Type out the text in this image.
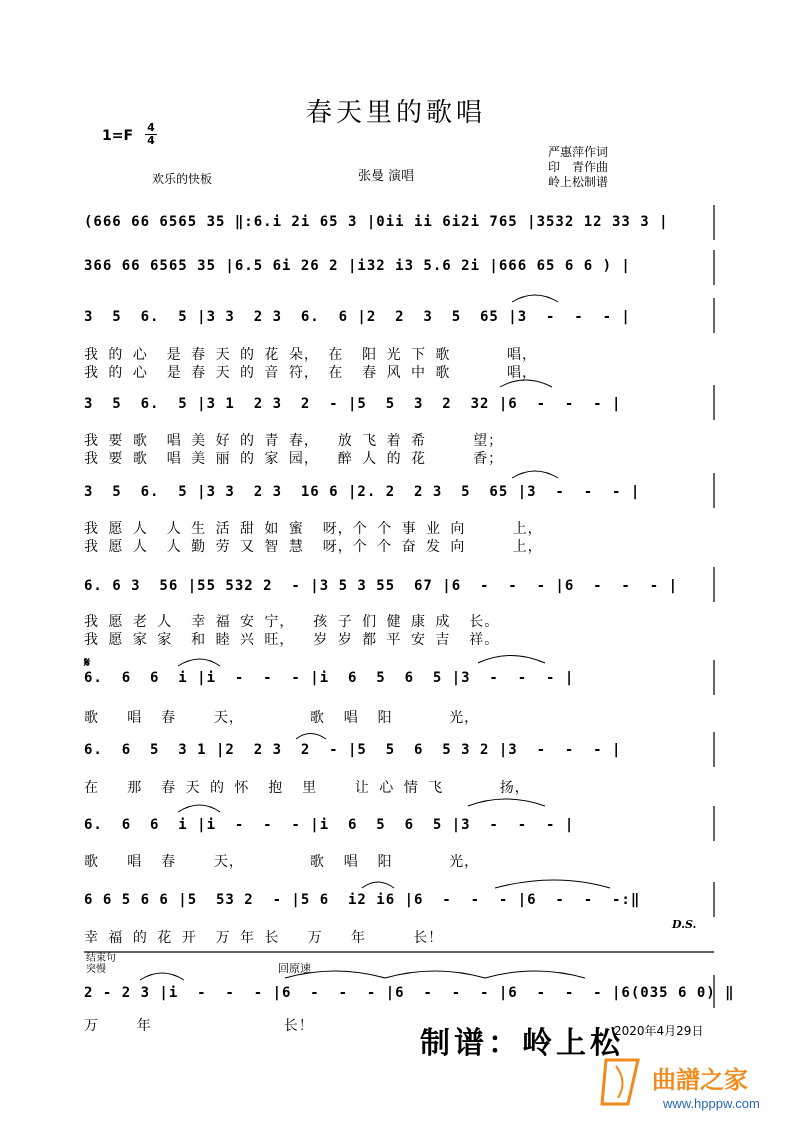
春天里的歌唱
1=F
4
4
欢乐的快板	张曼 演唱
严惠萍作词
印　青作曲
岭上松制谱
(666 66 6565 35 ‖:6.i 2i 65 3 |0ii ii 6i2i 765 |3532 12 33 3 |
366 66 6565 35 |6.5 6i 26 2 |i32 i3 5.6 2i |666 65 6 6 ) |
3  5  6.  5 |3 3  2 3  6.  6 |2  2  3  5  65 |3  -  -  - |
我 的 心  是 春 天 的 花 朵， 在  阳 光 下 歌      唱，
我 的 心  是 春 天 的 音 符， 在  春 风 中 歌      唱，
3  5  6.  5 |3 1  2 3  2  - |5  5  3  2  32 |6  -  -  - |
我 要 歌  唱 美 好 的 青 春，  放 飞 着 希     望；
我 要 歌  唱 美 丽 的 家 园，  醉 人 的 花     香；
3  5  6.  5 |3 3  2 3  16 6 |2. 2  2 3  5  65 |3  -  -  - |
我 愿 人  人 生 活 甜 如 蜜  呀，个 个 事 业 向     上，
我 愿 人  人 勤 劳 又 智 慧  呀，个 个 奋 发 向     上，
6. 6 3  56 |55 532 2  - |3 5 3 55  67 |6  -  -  - |6  -  -  - |
我 愿 老 人  幸 福 安 宁，  孩 子 们 健 康 成  长。
我 愿 家 家  和 睦 兴 旺，  岁 岁 都 平 安 吉  祥。
𝄋
6.  6  6  i |i  -  -  - |i  6  5  6  5 |3  -  -  - |
歌   唱  春    天，       歌  唱  阳      光，
6.  6  5  3 1 |2  2 3  2  - |5  5  6  5 3 2 |3  -  -  - |
在   那  春 天 的 怀  抱  里    让 心 情 飞      扬，
6.  6  6  i |i  -  -  - |i  6  5  6  5 |3  -  -  - |
歌   唱  春    天，       歌  唱  阳      光，
6 6 5 6 6 |5  53 2  - |5 6  i2 i6 |6  -  -  - |6  -  -  -:‖
幸 福 的 花 开  万 年 长   万   年     长！
D.S.
结束句 突慢	回原速
2 - 2 3 |i  -  -  - |6  -  -  - |6  -  -  - |6  -  -  - |6(035 6 0) ‖
万    年              长！	制谱：岭上松
2020年4月29日
曲譜之家
www.hpppw.com
